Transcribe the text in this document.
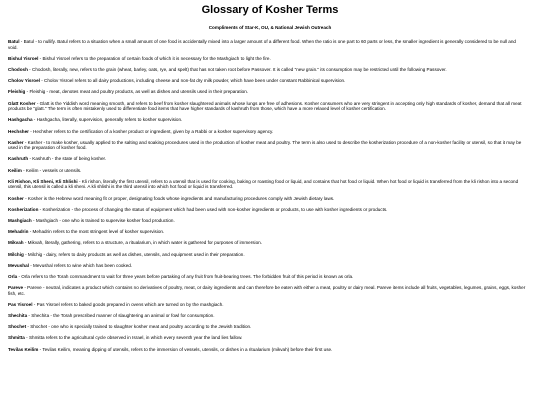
Glossary of Kosher Terms
Compliments of Star-K, OU, & National Jewish Outreach

Batul - Batul - to nullify. Batul refers to a situation when a small amount of one food is accidentally mixed into a larger amount of a different food. When the ratio is one part to 60 parts or less, the smaller ingredient is generally considered to be null and void.

Bishul Yisroel - Bishul Yisroel refers to the preparation of certain foods of which it is necessary for the Mashgiach to light the fire.

Chodosh - Chodosh, literally, new, refers to the grain (wheat, barley, oats, rye, and spelt) that has not taken root before Passover. It is called "new grain." its consumption may be restricted until the following Passover.

Cholov Yisroel - Cholov Yisroel refers to all dairy productions, including cheese and non-fat dry milk powder, which have been under constant Rabbinical supervision.

Fleishig - Fleishig - meat, denotes meat and poultry products, as well as dishes and utensils used in their preparation.

Glatt Kosher - Glatt is the Yiddish word meaning smooth, and refers to beef from kosher slaughtered animals whose lungs are free of adhesions. Kosher consumers who are very stringent in accepting only high standards of kosher, demand that all meat products be "glatt." The term is often mistakenly used to differentiate food items that have higher standards of kashruth from those, which have a more relaxed level of kosher certification.

Hashgacha - Hashgacha, literally, supervision, generally refers to kosher supervision.

Hechsher - Hechsher refers to the certification of a kosher product or ingredient, given by a Rabbi or a kosher supervisory agency.

Kasher - Kasher - to make kosher, usually applied to the salting and soaking procedures used in the production of kosher meat and poultry. The term is also used to describe the kosherization procedure of a non-kosher facility or utensil, so that it may be used in the preparation of kosher food.

Kashruth - Kashruth - the state of being kosher.

Keilim - Keilim - vessels or utensils.

Kli Rishon, Kli Sheni, Kli Shlishi - Kli rishon, literally the first utensil, refers to a utensil that is used for cooking, baking or roasting food or liquid, and contains that hot food or liquid. When hot food or liquid is transferred from the kli rishon into a second utensil, this utensil is called a kli sheni. A kli shlishi is the third utensil into which hot food or liquid is transferred.

Kosher - Kosher is the Hebrew word meaning fit or proper, designating foods whose ingredients and manufacturing procedures comply with Jewish dietary laws.

Kosherization - Kosherization - the process of changing the status of equipment which had been used with non-kosher ingredients or products, to use with kosher ingredients or products.

Mashgiach - Mashgiach - one who is trained to supervise kosher food production.

Mehadrin - Mehadrin refers to the most stringent level of kosher supervision.

Mikvah - Mikvah, literally, gathering, refers to a structure, a ritualarium, in which water is gathered for purposes of immersion.

Milchig - Milchig - dairy, refers to dairy products as well as dishes, utensils, and equipment used in their preparation.

Mevushal - Mevushal refers to wine which has been cooked.

Orla - Orla refers to the Torah commandment to wait for three years before partaking of any fruit from fruit-bearing trees. The forbidden fruit of this period is known as orla.

Pareve - Pareve - neutral, indicates a product which contains no derivatives of poultry, meat, or dairy ingredients and can therefore be eaten with either a meat, poultry or dairy meal. Pareve items include all fruits, vegetables, legumes, grains, eggs, kosher fish, etc.

Pas Yisroel - Pas Yisroel refers to baked goods prepared in ovens which are turned on by the mashgiach.

Shechita - Shechita - the Torah prescribed manner of slaughtering an animal or fowl for consumption.

Shochet - Shochet - one who is specially trained to slaughter kosher meat and poultry according to the Jewish tradition.

Shmitta - Shmitta refers to the agricultural cycle observed in Israel, in which every seventh year the land lies fallow.

Tevilas Keilim - Tevilas Keilim, meaning dipping of utensils, refers to the immersion of vessels, utensils, or dishes in a ritualarium (mikvah) before their first use.
